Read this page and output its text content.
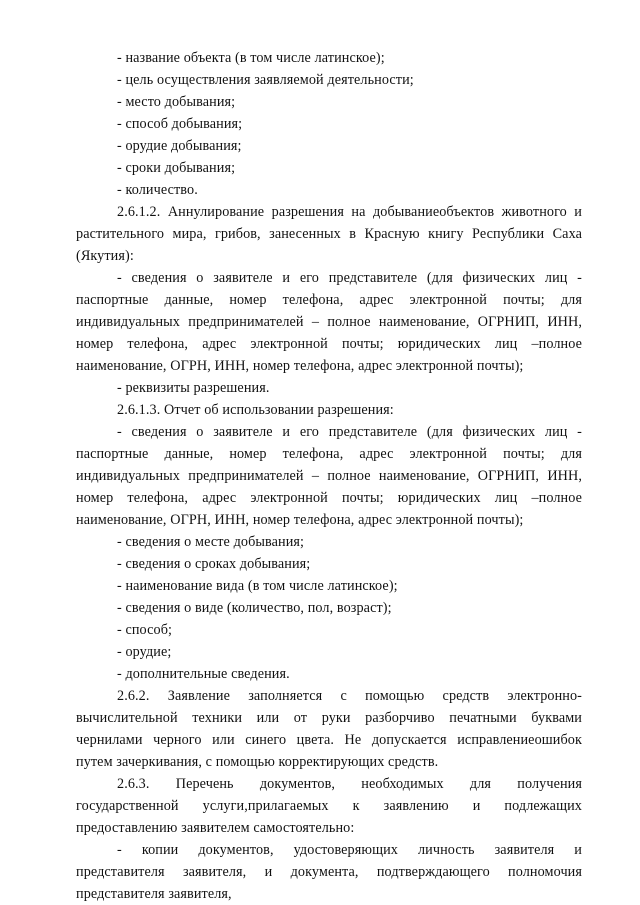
- название объекта (в том числе латинское);
- цель осуществления заявляемой деятельности;
- место добывания;
- способ добывания;
- орудие добывания;
- сроки добывания;
- количество.
2.6.1.2. Аннулирование разрешения на добываниеобъектов животного и
растительного мира, грибов, занесенных в Красную книгу Республики Саха
(Якутия):
- сведения о заявителе и его представителе (для физических лиц -
паспортные данные, номер телефона, адрес электронной почты; для
индивидуальных предпринимателей – полное наименование, ОГРНИП, ИНН,
номер телефона, адрес электронной почты; юридических лиц –полное
наименование, ОГРН, ИНН, номер телефона, адрес электронной почты);
- реквизиты разрешения.
2.6.1.3. Отчет об использовании разрешения:
- сведения о заявителе и его представителе (для физических лиц -
паспортные данные, номер телефона, адрес электронной почты; для
индивидуальных предпринимателей – полное наименование, ОГРНИП, ИНН,
номер телефона, адрес электронной почты; юридических лиц –полное
наименование, ОГРН, ИНН, номер телефона, адрес электронной почты);
- сведения о месте добывания;
- сведения о сроках добывания;
- наименование вида (в том числе латинское);
- сведения о виде (количество, пол, возраст);
- способ;
- орудие;
- дополнительные сведения.
2.6.2. Заявление заполняется с помощью средств электронно-
вычислительной техники или от руки разборчиво печатными буквами
чернилами черного или синего цвета. Не допускается исправлениеошибок
путем зачеркивания, с помощью корректирующих средств.
2.6.3. Перечень документов, необходимых для получения
государственной услуги,прилагаемых к заявлению и подлежащих
предоставлению заявителем самостоятельно:
- копии документов, удостоверяющих личность заявителя и
представителя заявителя, и документа, подтверждающего полномочия
представителя заявителя,
